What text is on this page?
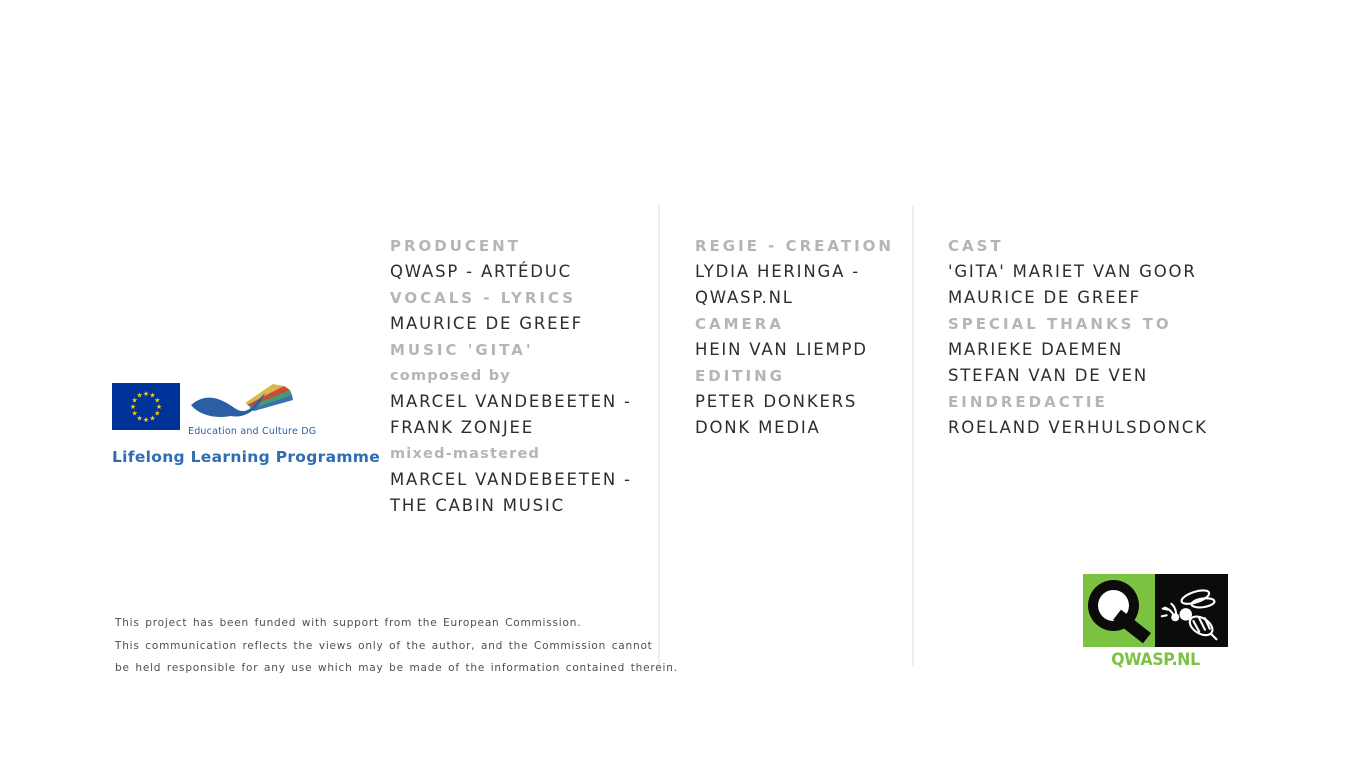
★ ★
★
★
★
★
★
★
★
★
★
★
Education and Culture DG
Lifelong Learning Programme
PRODUCENT
QWASP - ARTÉDUC
VOCALS - LYRICS
MAURICE DE GREEF
MUSIC 'GITA'
composed by
MARCEL VANDEBEETEN -
FRANK ZONJEE
mixed-mastered
MARCEL VANDEBEETEN -
THE CABIN MUSIC
REGIE - CREATION
LYDIA HERINGA -
QWASP.NL
CAMERA
HEIN VAN LIEMPD
EDITING
PETER DONKERS
DONK MEDIA
CAST
'GITA' MARIET VAN GOOR
MAURICE DE GREEF
SPECIAL THANKS TO
MARIEKE DAEMEN
STEFAN VAN DE VEN
EINDREDACTIE
ROELAND VERHULSDONCK
This project has been funded with support from the European Commission.
This communication reflects the views only of the author, and the Commission cannot
be held responsible for any use which may be made of the information contained therein.	QWASP.NL
